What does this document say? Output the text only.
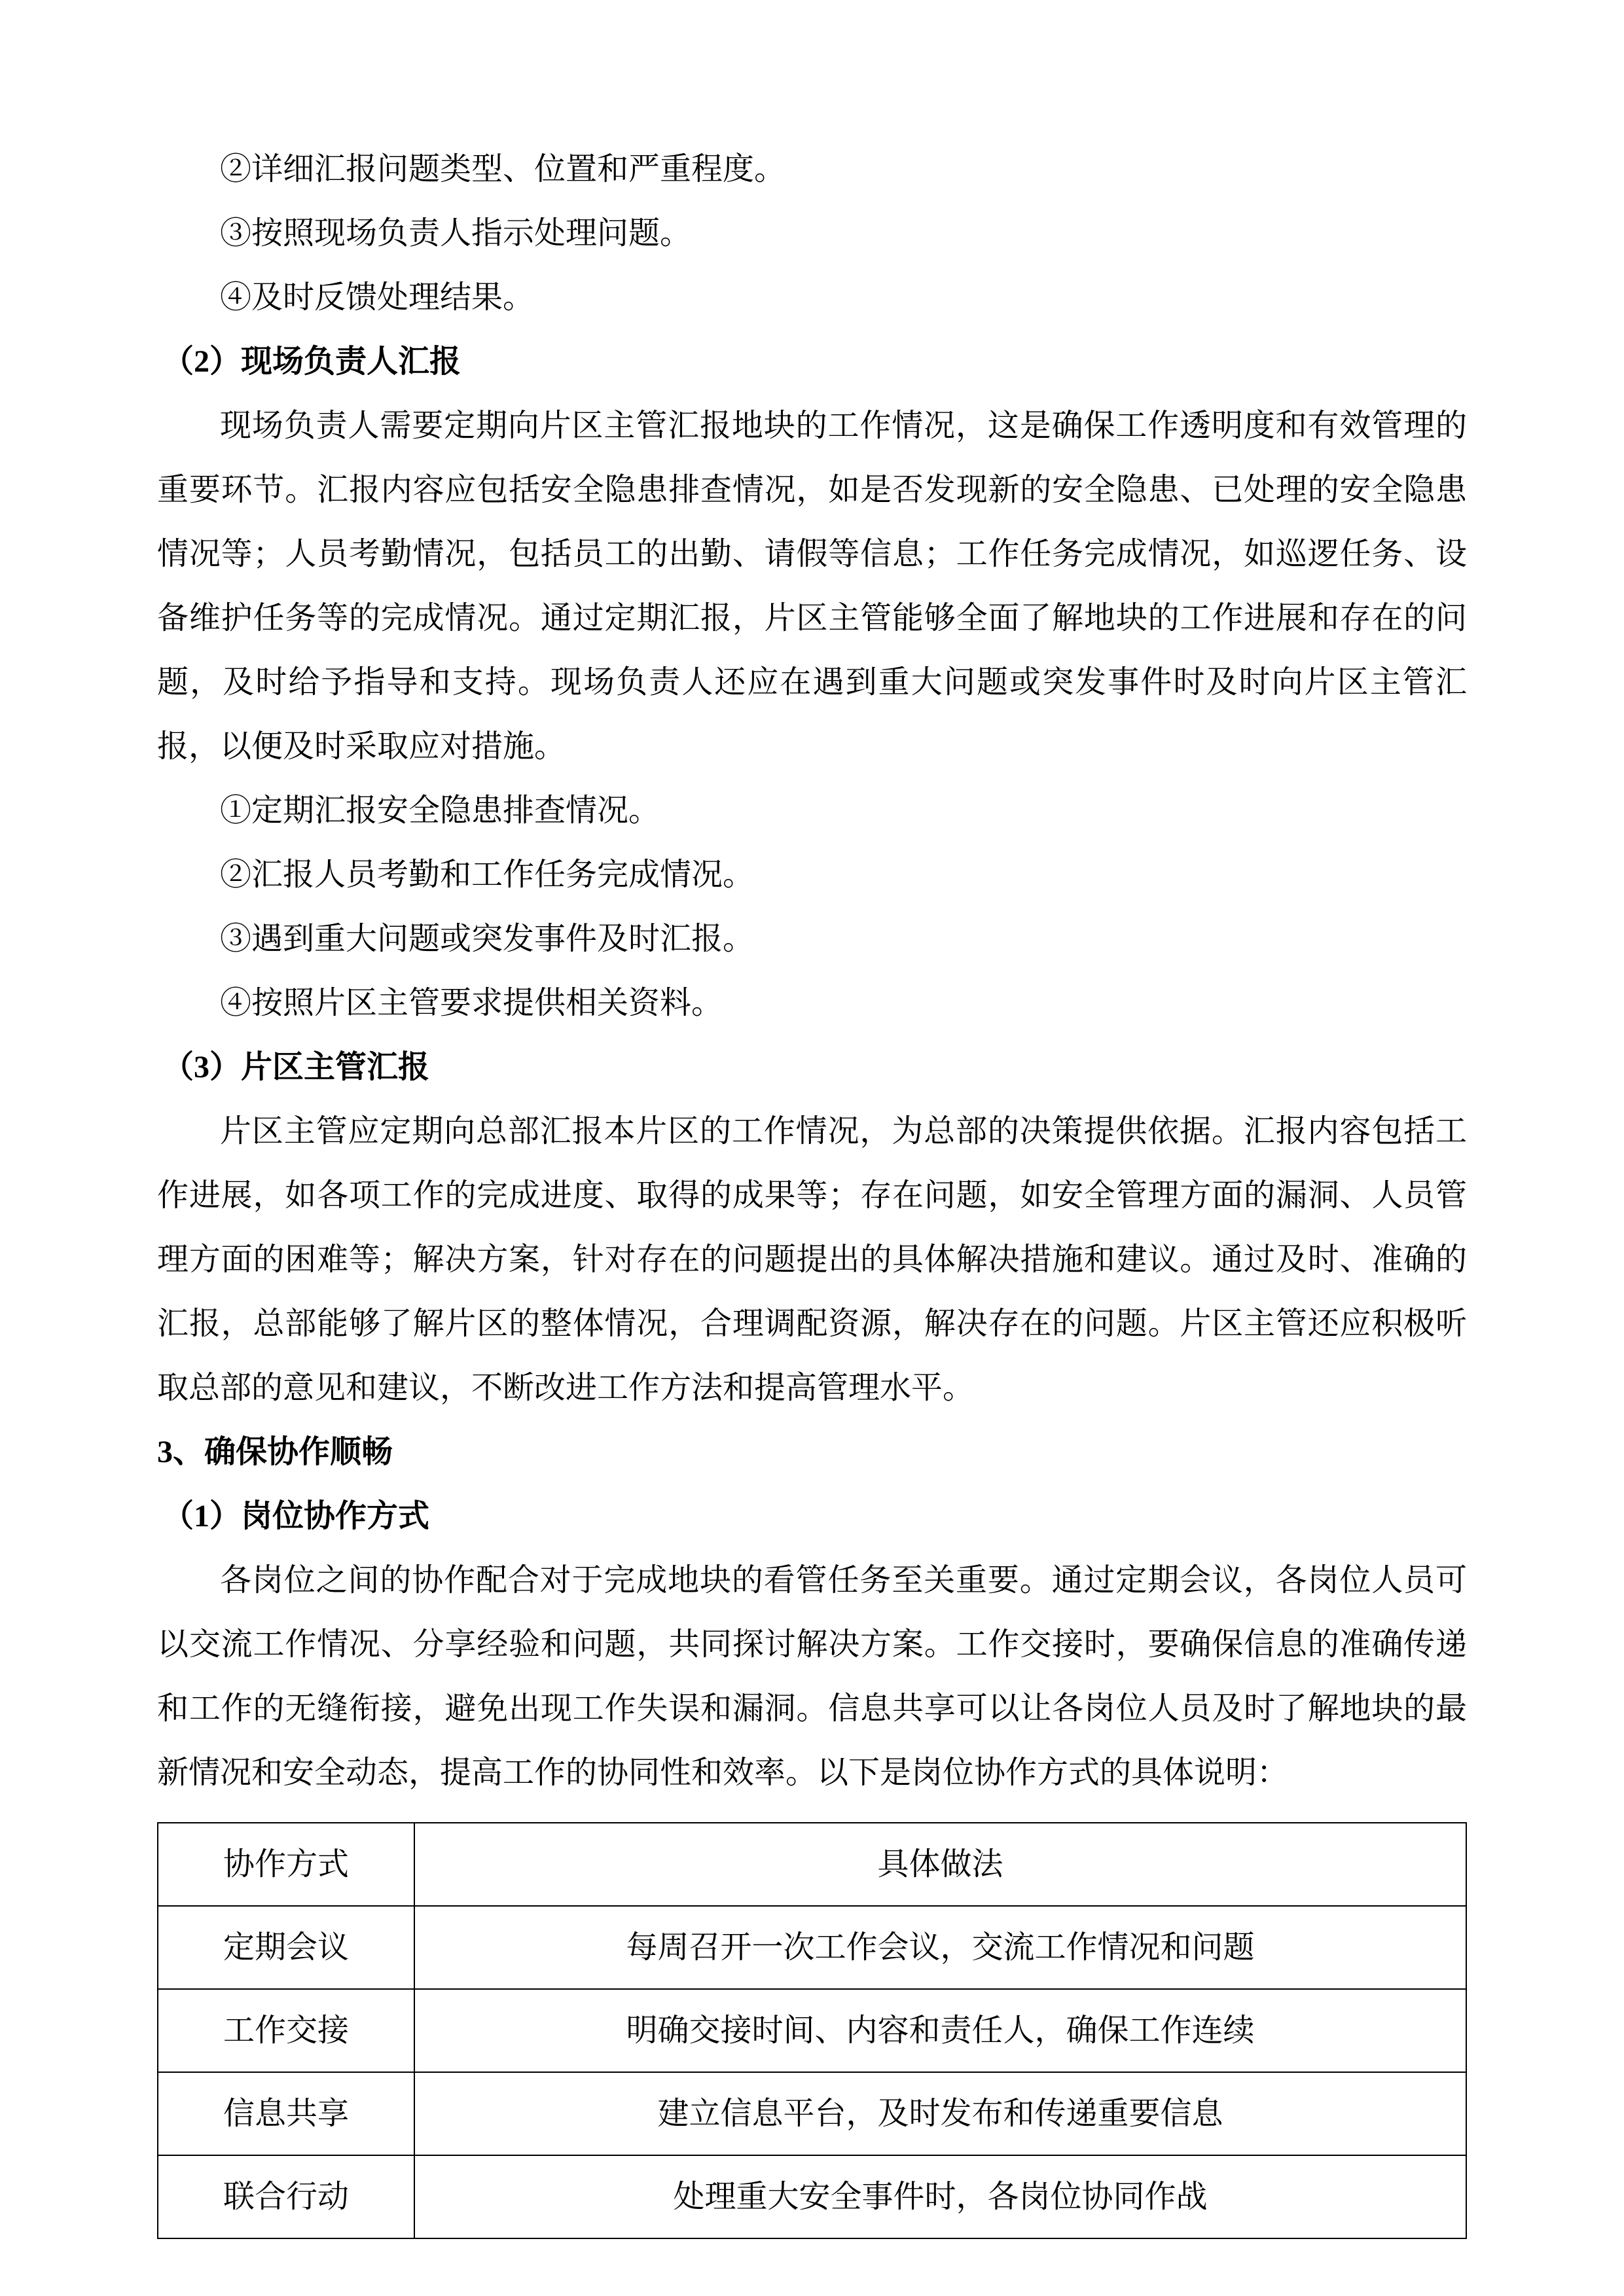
②详细汇报问题类型、位置和严重程度。

③按照现场负责人指示处理问题。

④及时反馈处理结果。

（2）现场负责人汇报

现场负责人需要定期向片区主管汇报地块的工作情况，这是确保工作透明度和有效管理的重要环节。汇报内容应包括安全隐患排查情况，如是否发现新的安全隐患、已处理的安全隐患情况等；人员考勤情况，包括员工的出勤、请假等信息；工作任务完成情况，如巡逻任务、设备维护任务等的完成情况。通过定期汇报，片区主管能够全面了解地块的工作进展和存在的问题，及时给予指导和支持。现场负责人还应在遇到重大问题或突发事件时及时向片区主管汇报，以便及时采取应对措施。

①定期汇报安全隐患排查情况。

②汇报人员考勤和工作任务完成情况。

③遇到重大问题或突发事件及时汇报。

④按照片区主管要求提供相关资料。

（3）片区主管汇报

片区主管应定期向总部汇报本片区的工作情况，为总部的决策提供依据。汇报内容包括工作进展，如各项工作的完成进度、取得的成果等；存在问题，如安全管理方面的漏洞、人员管理方面的困难等；解决方案，针对存在的问题提出的具体解决措施和建议。通过及时、准确的汇报，总部能够了解片区的整体情况，合理调配资源，解决存在的问题。片区主管还应积极听取总部的意见和建议，不断改进工作方法和提高管理水平。

3、确保协作顺畅

（1）岗位协作方式

各岗位之间的协作配合对于完成地块的看管任务至关重要。通过定期会议，各岗位人员可以交流工作情况、分享经验和问题，共同探讨解决方案。工作交接时，要确保信息的准确传递和工作的无缝衔接，避免出现工作失误和漏洞。信息共享可以让各岗位人员及时了解地块的最新情况和安全动态，提高工作的协同性和效率。以下是岗位协作方式的具体说明：

协作方式	具体做法
定期会议	每周召开一次工作会议，交流工作情况和问题
工作交接	明确交接时间、内容和责任人，确保工作连续
信息共享	建立信息平台，及时发布和传递重要信息
联合行动	处理重大安全事件时，各岗位协同作战
